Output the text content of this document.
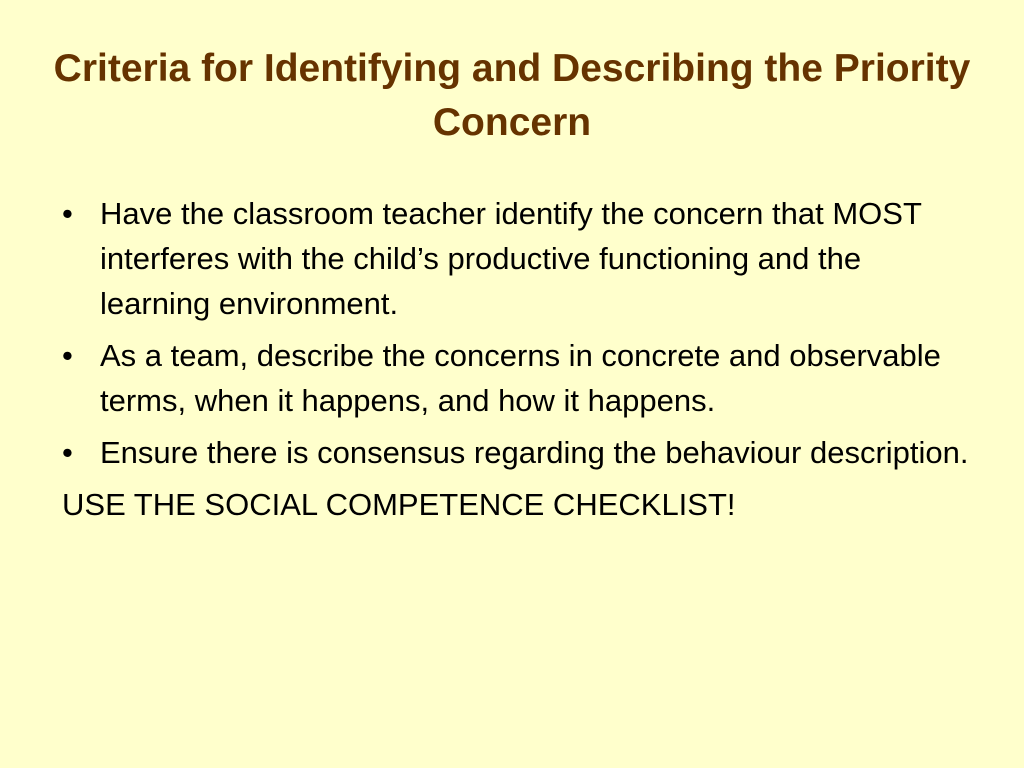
Criteria for Identifying and Describing the Priority Concern
• Have the classroom teacher identify the concern that MOST interferes with the child’s productive functioning and the learning environment.
• As a team, describe the concerns in concrete and observable terms, when it happens, and how it happens.
• Ensure there is consensus regarding the behaviour description.

USE THE SOCIAL COMPETENCE CHECKLIST!
